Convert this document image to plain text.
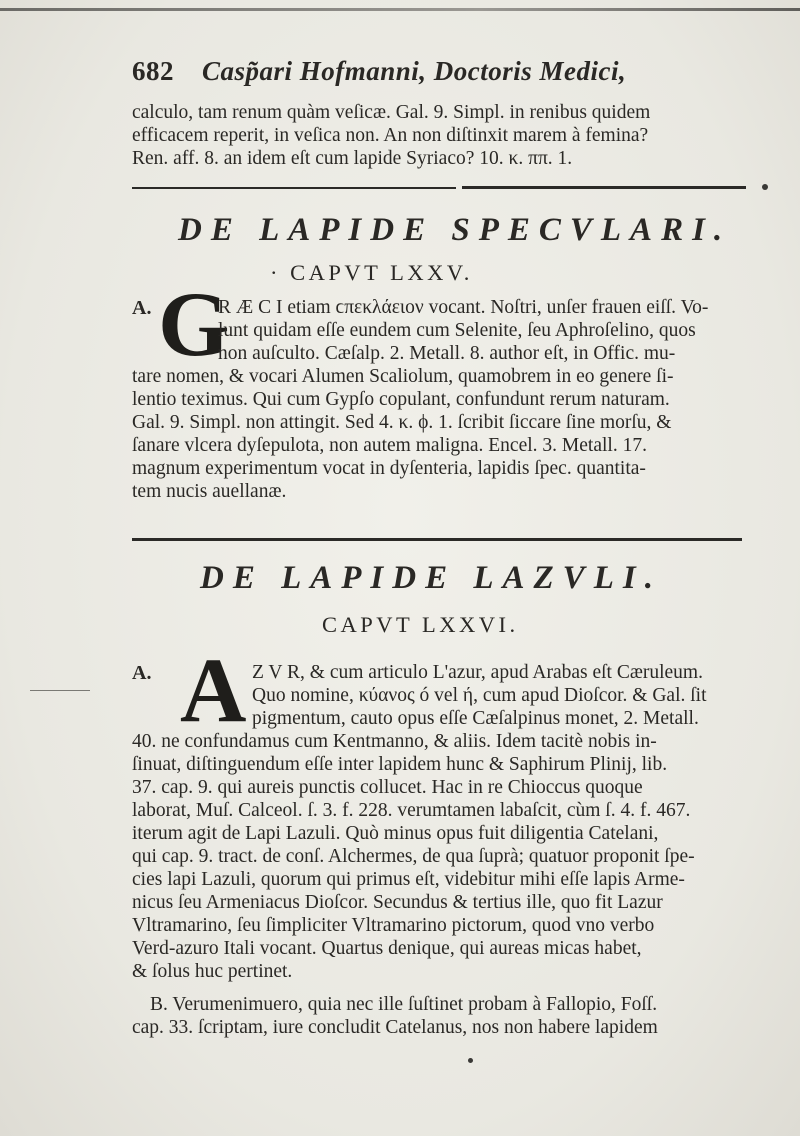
682 Casp̃ari Hofmanni, Doctoris Medici,
calculo, tam renum quàm veſicæ. Gal. 9. Simpl. in renibus quidem
efficacem reperit, in veſica non. An non diſtinxit marem à femina?
Ren. aff. 8. an idem eſt cum lapide Syriaco? 10. κ. ππ. 1.
DE LAPIDE SPECVLARI.
· CAPVT LXXV.
A. G
R Æ C I etiam ϲπεκλάειον vocant. Noſtri, unſer frauen eiſſ. Vo-
lunt quidam eſſe eundem cum Selenite, ſeu Aphroſelino, quos
non auſculto. Cæſalp. 2. Metall. 8. author eſt, in Offic. mu-
tare nomen, & vocari Alumen Scaliolum, quamobrem in eo genere ſi-
lentio teximus. Qui cum Gypſo copulant, confundunt rerum naturam.
Gal. 9. Simpl. non attingit. Sed 4. κ. ϕ. 1. ſcribit ſiccare ſine morſu, &
ſanare vlcera dyſepulota, non autem maligna. Encel. 3. Metall. 17.
magnum experimentum vocat in dyſenteria, lapidis ſpec. quantita-
tem nucis auellanæ.
DE LAPIDE LAZVLI.
CAPVT LXXVI.
A. A Z V R, & cum articulo L'azur, apud Arabas eſt Cæruleum.
Quo nomine, κύανος ó vel ή, cum apud Dioſcor. & Gal. ſit
pigmentum, cauto opus eſſe Cæſalpinus monet, 2. Metall.
40. ne confundamus cum Kentmanno, & aliis. Idem tacitè nobis in-
ſinuat, diſtinguendum eſſe inter lapidem hunc & Saphirum Plinij, lib.
37. cap. 9. qui aureis punctis collucet. Hac in re Chioccus quoque
laborat, Muſ. Calceol. ſ. 3. f. 228. verumtamen labaſcit, cùm ſ. 4. f. 467.
iterum agit de Lapi Lazuli. Quò minus opus fuit diligentia Catelani,
qui cap. 9. tract. de conſ. Alchermes, de qua ſuprà; quatuor proponit ſpe-
cies lapi Lazuli, quorum qui primus eſt, videbitur mihi eſſe lapis Arme-
nicus ſeu Armeniacus Dioſcor. Secundus & tertius ille, quo fit Lazur
Vltramarino, ſeu ſimpliciter Vltramarino pictorum, quod vno verbo
Verd-azuro Itali vocant. Quartus denique, qui aureas micas habet,
& ſolus huc pertinet.
B. Verumenimuero, quia nec ille ſuſtinet probam à Fallopio, Foſſ.
cap. 33. ſcriptam, iure concludit Catelanus, nos non habere lapidem
